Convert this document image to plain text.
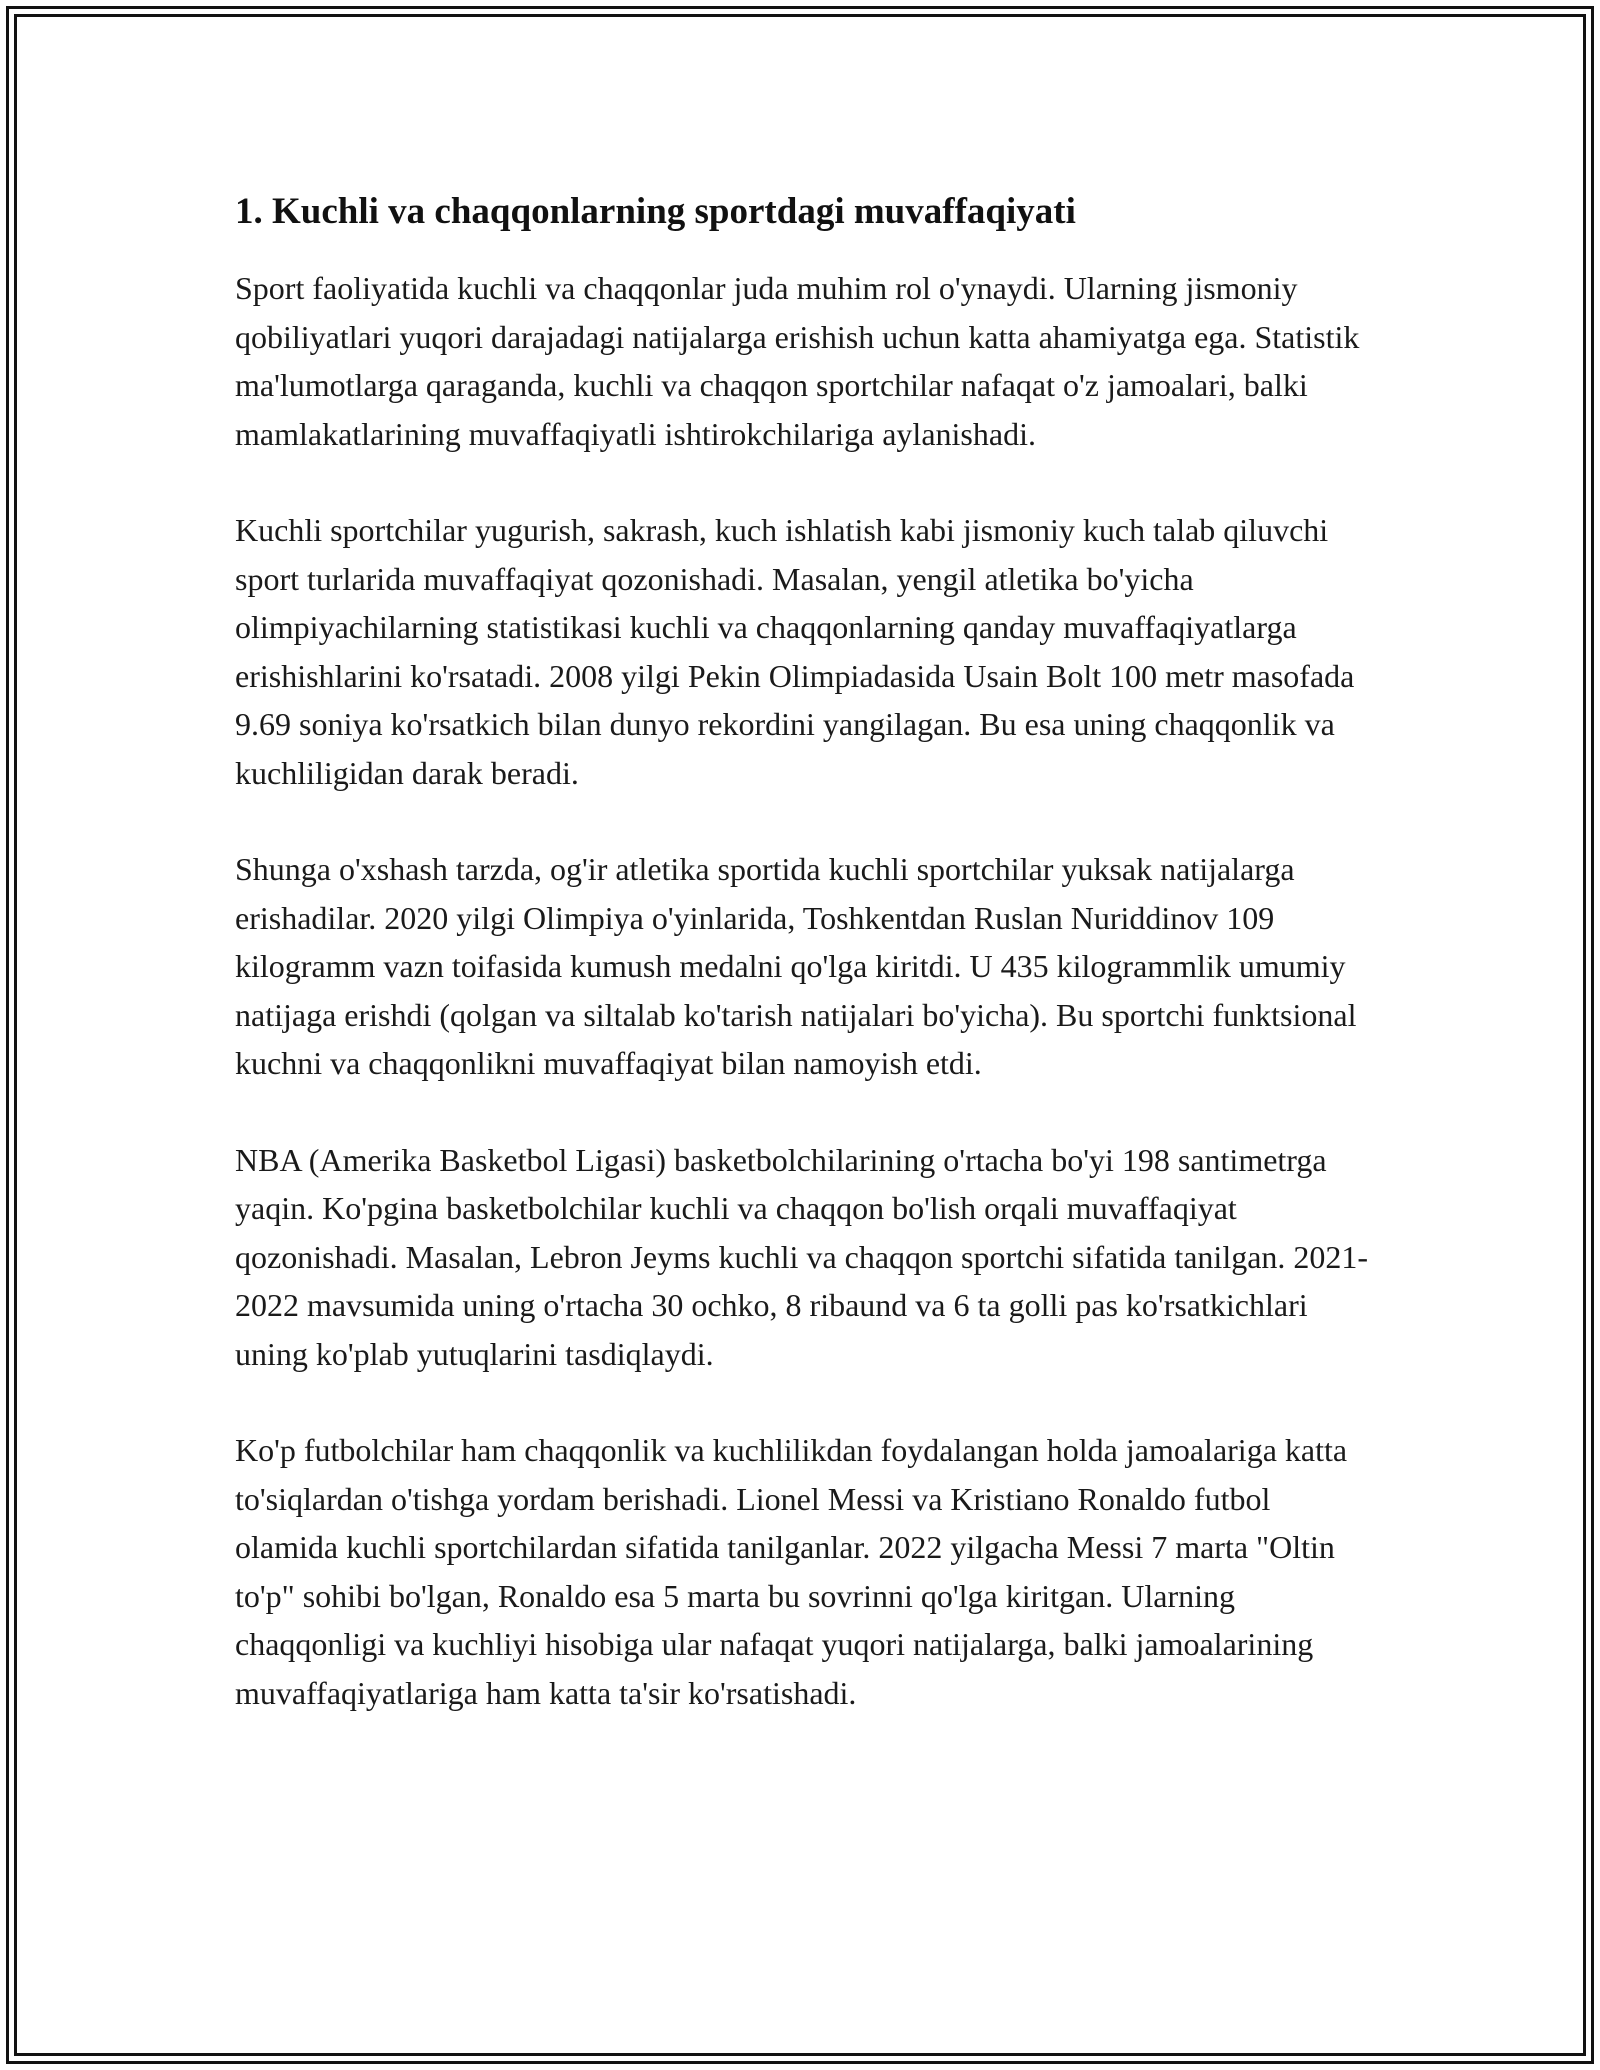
1. Kuchli va chaqqonlarning sportdagi muvaffaqiyati

Sport faoliyatida kuchli va chaqqonlar juda muhim rol o'ynaydi. Ularning jismoniy qobiliyatlari yuqori darajadagi natijalarga erishish uchun katta ahamiyatga ega. Statistik ma'lumotlarga qaraganda, kuchli va chaqqon sportchilar nafaqat o'z jamoalari, balki mamlakatlarining muvaffaqiyatli ishtirokchilariga aylanishadi.

Kuchli sportchilar yugurish, sakrash, kuch ishlatish kabi jismoniy kuch talab qiluvchi sport turlarida muvaffaqiyat qozonishadi. Masalan, yengil atletika bo'yicha olimpiyachilarning statistikasi kuchli va chaqqonlarning qanday muvaffaqiyatlarga erishishlarini ko'rsatadi. 2008 yilgi Pekin Olimpiadasida Usain Bolt 100 metr masofada 9.69 soniya ko'rsatkich bilan dunyo rekordini yangilagan. Bu esa uning chaqqonlik va kuchliligidan darak beradi.

Shunga o'xshash tarzda, og'ir atletika sportida kuchli sportchilar yuksak natijalarga erishadilar. 2020 yilgi Olimpiya o'yinlarida, Toshkentdan Ruslan Nuriddinov 109 kilogramm vazn toifasida kumush medalni qo'lga kiritdi. U 435 kilogrammlik umumiy natijaga erishdi (qolgan va siltalab ko'tarish natijalari bo'yicha). Bu sportchi funktsional kuchni va chaqqonlikni muvaffaqiyat bilan namoyish etdi.

NBA (Amerika Basketbol Ligasi) basketbolchilarining o'rtacha bo'yi 198 santimetrga yaqin. Ko'pgina basketbolchilar kuchli va chaqqon bo'lish orqali muvaffaqiyat qozonishadi. Masalan, Lebron Jeyms kuchli va chaqqon sportchi sifatida tanilgan. 2021-2022 mavsumida uning o'rtacha 30 ochko, 8 ribaund va 6 ta golli pas ko'rsatkichlari uning ko'plab yutuqlarini tasdiqlaydi.

Ko'p futbolchilar ham chaqqonlik va kuchlilikdan foydalangan holda jamoalariga katta to'siqlardan o'tishga yordam berishadi. Lionel Messi va Kristiano Ronaldo futbol olamida kuchli sportchilardan sifatida tanilganlar. 2022 yilgacha Messi 7 marta "Oltin to'p" sohibi bo'lgan, Ronaldo esa 5 marta bu sovrinni qo'lga kiritgan. Ularning chaqqonligi va kuchliyi hisobiga ular nafaqat yuqori natijalarga, balki jamoalarining muvaffaqiyatlariga ham katta ta'sir ko'rsatishadi.
